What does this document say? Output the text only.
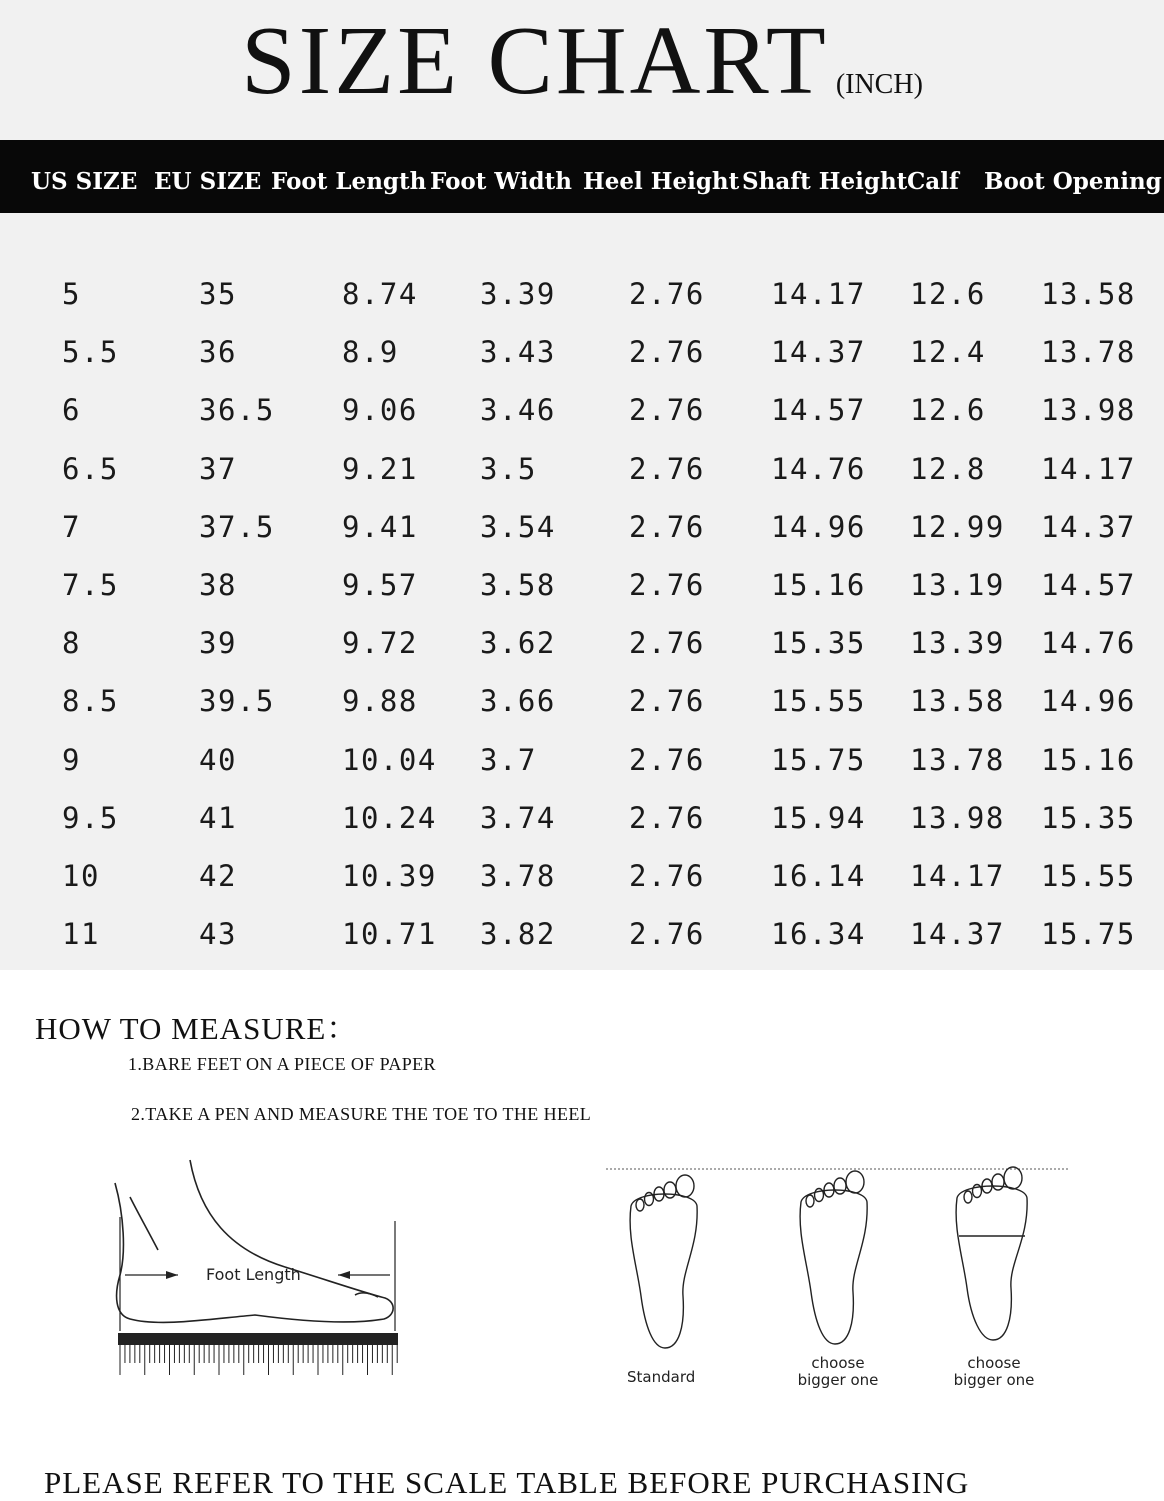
SIZE CHART (INCH)
US SIZE EU SIZE Foot Length Foot Width Heel Height Shaft Height Calf Boot Opening
5	35	8.74 3.39	2.76 14.17 12.6 13.58
5.5	36	8.9	3.43	2.76 14.37 12.4 13.78
6	36.5 9.06 3.46	2.76 14.57 12.6 13.98
6.5	37	9.21 3.5	2.76 14.76 12.8 14.17
7	37.5 9.41 3.54	2.76 14.96 12.99 14.37
7.5	38	9.57 3.58	2.76 15.16 13.19 14.57
8	39	9.72 3.62	2.76 15.35 13.39 14.76
8.5	39.5 9.88 3.66	2.76 15.55 13.58 14.96
9	40	10.04 3.7	2.76 15.75 13.78 15.16
9.5	41	10.24 3.74	2.76 15.94 13.98 15.35
10	42	10.39 3.78	2.76 16.14 14.17 15.55
11	43	10.71 3.82	2.76 16.34 14.37 15.75
HOW TO MEASURE：
1.BARE FEET ON A PIECE OF PAPER
2.TAKE A PEN AND MEASURE THE TOE TO THE HEEL
Foot Length
Standard
choose bigger one
choose bigger one
PLEASE REFER TO THE SCALE TABLE BEFORE PURCHASING
